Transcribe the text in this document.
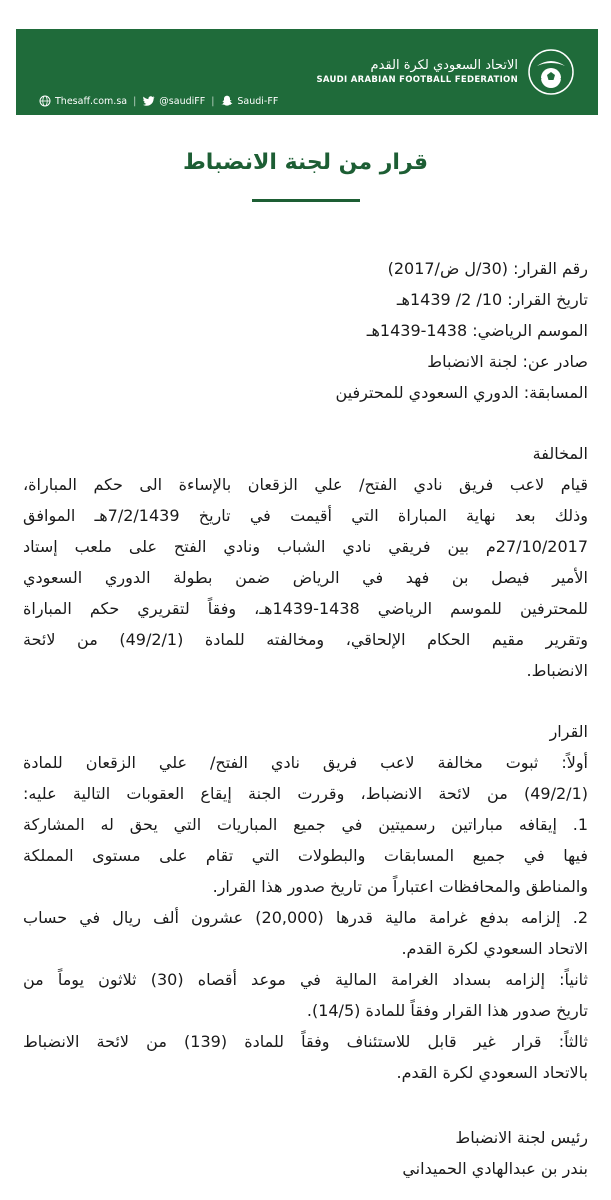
Thesaff.com.sa | @saudiFF | Saudi-FF
الاتحاد السعودي لكرة القدم
SAUDI ARABIAN FOOTBALL FEDERATION
قرار من لجنة الانضباط
رقم القرار: (30/ل ض/2017)
تاريخ القرار: 10/ 2/ 1439هـ
الموسم الرياضي: 1438-1439هـ
صادر عن: لجنة الانضباط
المسابقة: الدوري السعودي للمحترفين
المخالفة
قيام لاعب فريق نادي الفتح/ علي الزقعان بالإساءة الى حكم المباراة،
وذلك بعد نهاية المباراة التي أقيمت في تاريخ 7/2/1439هـ الموافق
27/10/2017م بين فريقي نادي الشباب ونادي الفتح على ملعب إستاد
الأمير فيصل بن فهد في الرياض ضمن بطولة الدوري السعودي
للمحترفين للموسم الرياضي 1438-1439هـ، وفقاً لتقريري حكم المباراة
وتقرير مقيم الحكام الإلحاقي، ومخالفته للمادة (49/2/1) من لائحة
الانضباط.
القرار
أولاً: ثبوت مخالفة لاعب فريق نادي الفتح/ علي الزقعان للمادة
(49/2/1) من لائحة الانضباط، وقررت الجنة إيقاع العقوبات التالية عليه:
1. إيقافه مباراتين رسميتين في جميع المباريات التي يحق له المشاركة
فيها في جميع المسابقات والبطولات التي تقام على مستوى المملكة
والمناطق والمحافظات اعتباراً من تاريخ صدور هذا القرار.
2. إلزامه بدفع غرامة مالية قدرها (20,000) عشرون ألف ريال في حساب
الاتحاد السعودي لكرة القدم.
ثانياً: إلزامه بسداد الغرامة المالية في موعد أقصاه (30) ثلاثون يوماً من
تاريخ صدور هذا القرار وفقاً للمادة (14/5).
ثالثاً: قرار غير قابل للاستئناف وفقاً للمادة (139) من لائحة الانضباط
بالاتحاد السعودي لكرة القدم.
رئيس لجنة الانضباط
بندر بن عبدالهادي الحميداني
